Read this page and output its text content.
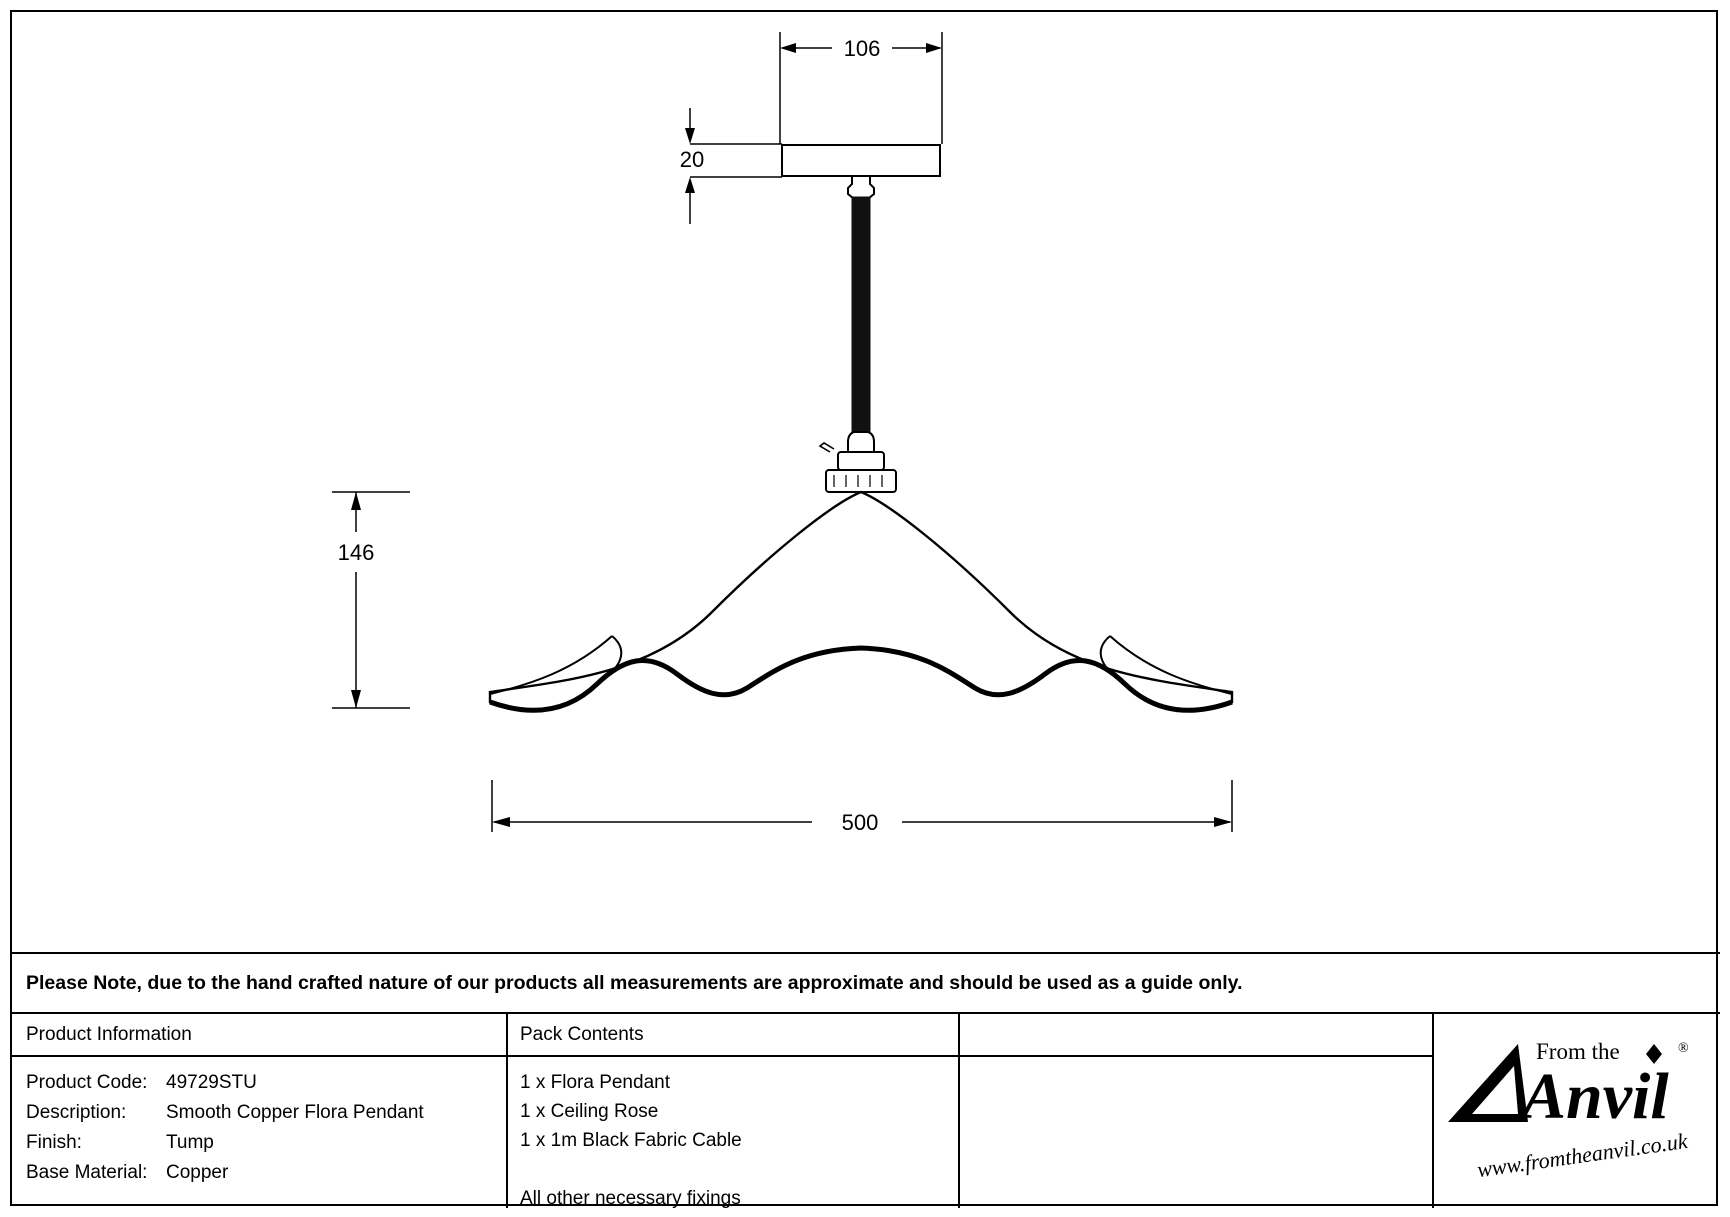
106
20
146
500
Please Note, due to the hand crafted nature of our products all measurements are approximate and should be used as a guide only.
Product Information	Pack Contents
Product Code: 49729STU
Description: Smooth Copper Flora Pendant
Finish:	Tump
Base Material: Copper
1 x Flora Pendant
1 x Ceiling Rose
1 x 1m Black Fabric Cable
All other necessary fixings
From the	®
Anvil
www.fromtheanvil.co.uk
